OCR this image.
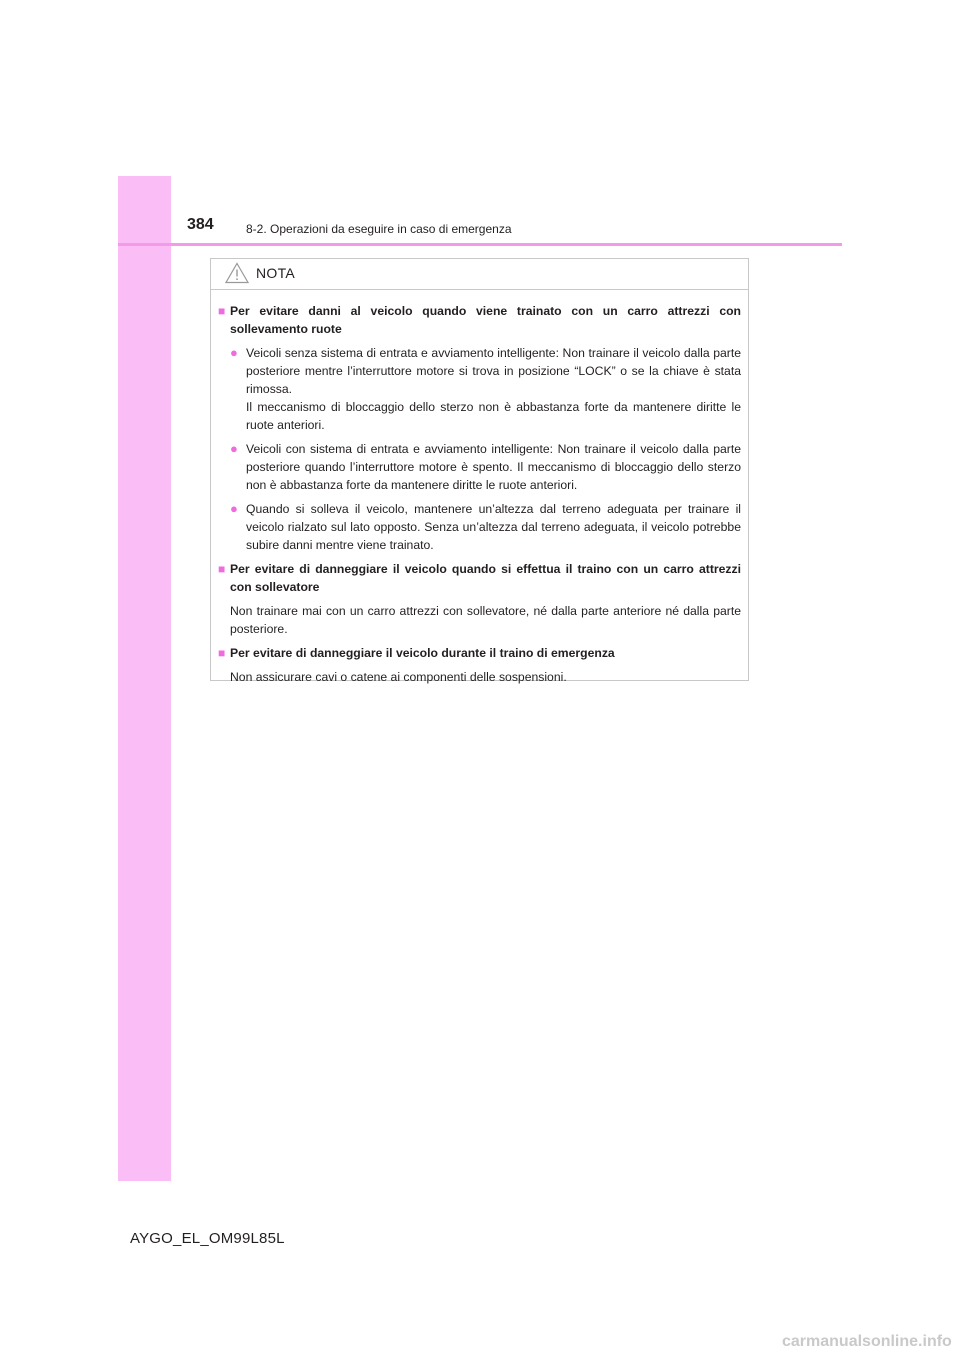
384	8-2. Operazioni da eseguire in caso di emergenza
NOTA
■ Per evitare danni al veicolo quando viene trainato con un carro attrezzi con sollevamento ruote
● Veicoli senza sistema di entrata e avviamento intelligente: Non trainare il veicolo dalla parte posteriore mentre l’interruttore motore si trova in posizione “LOCK” o se la chiave è stata rimossa.
Il meccanismo di bloccaggio dello sterzo non è abbastanza forte da mantenere diritte le ruote anteriori.
● Veicoli con sistema di entrata e avviamento intelligente: Non trainare il veicolo dalla parte posteriore quando l’interruttore motore è spento. Il meccanismo di bloccaggio dello sterzo non è abbastanza forte da mantenere diritte le ruote anteriori.
● Quando si solleva il veicolo, mantenere un’altezza dal terreno adeguata per trainare il veicolo rialzato sul lato opposto. Senza un’altezza dal terreno adeguata, il veicolo potrebbe subire danni mentre viene trainato.
■ Per evitare di danneggiare il veicolo quando si effettua il traino con un carro attrezzi con sollevatore
Non trainare mai con un carro attrezzi con sollevatore, né dalla parte anteriore né dalla parte posteriore.
■ Per evitare di danneggiare il veicolo durante il traino di emergenza
Non assicurare cavi o catene ai componenti delle sospensioni.
AYGO_EL_OM99L85L
carmanualsonline.info
